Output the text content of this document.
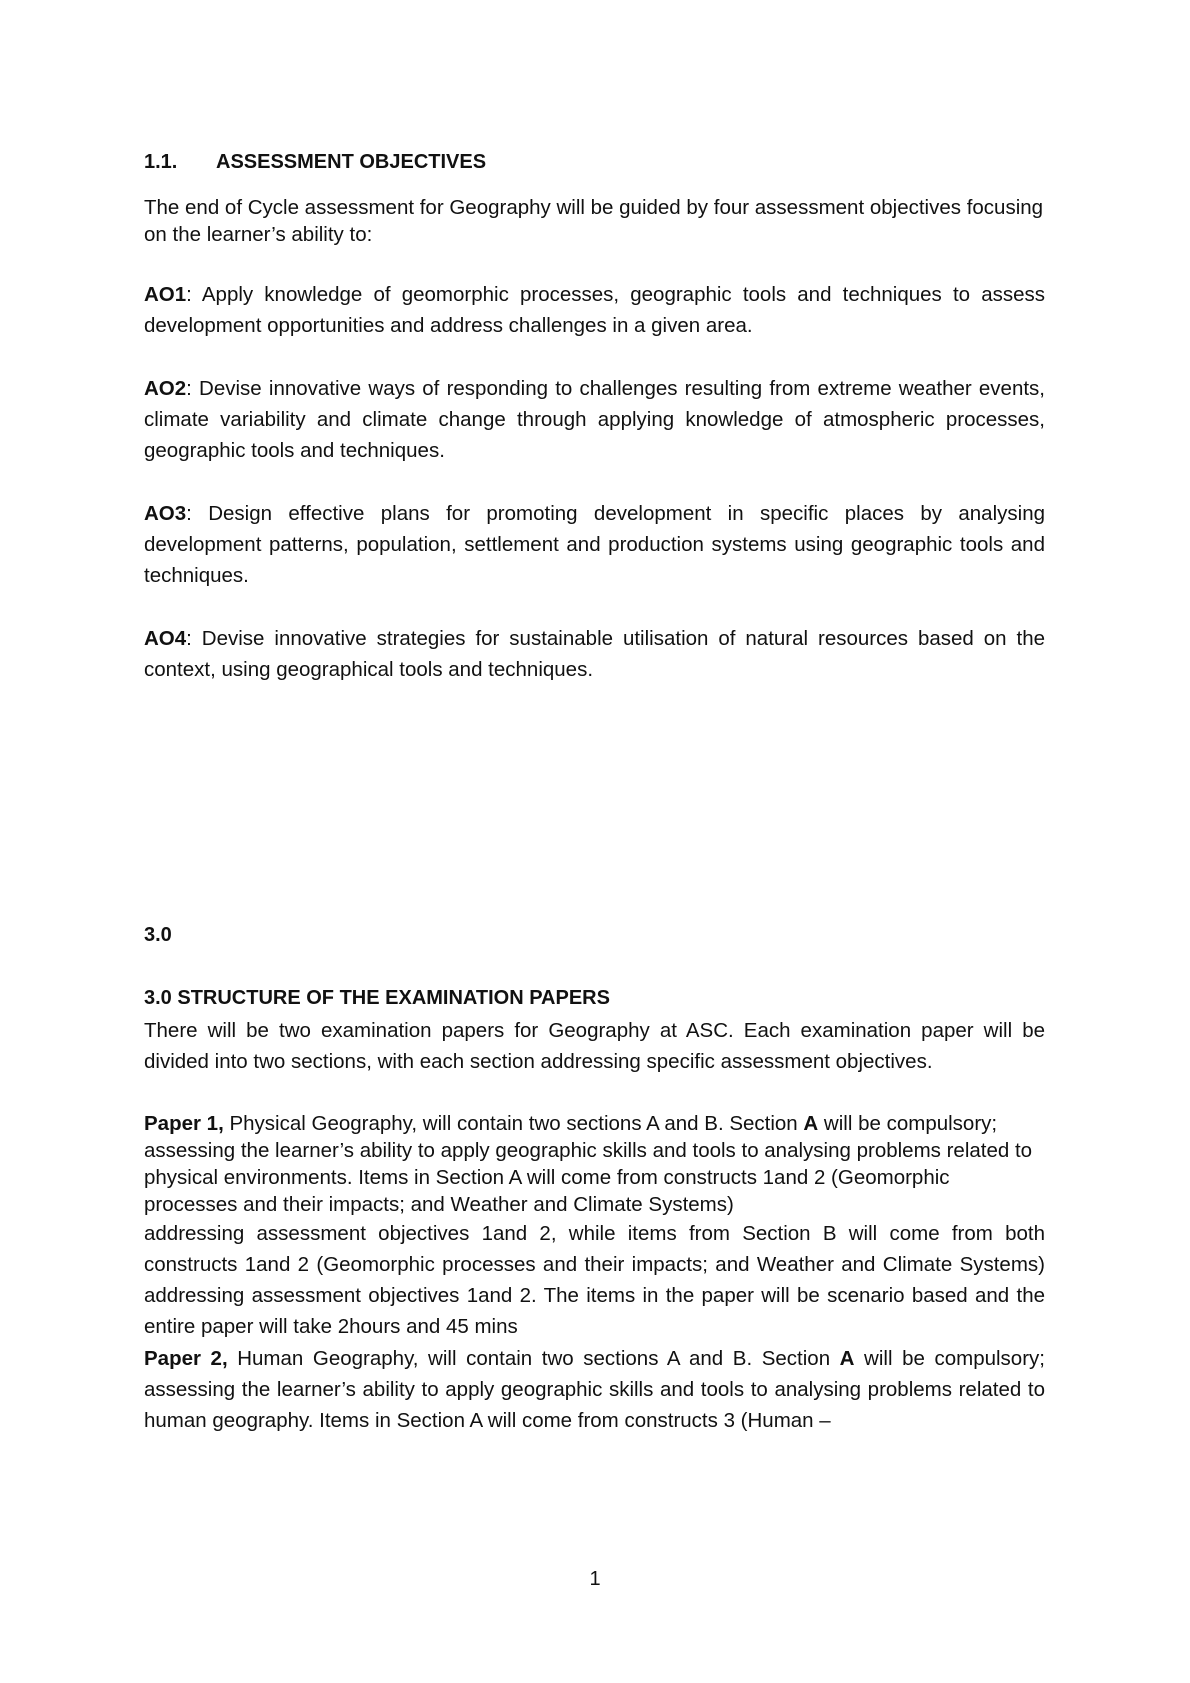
1.1. ASSESSMENT OBJECTIVES

The end of Cycle assessment for Geography will be guided by four assessment objectives focusing on the learner’s ability to:

AO1: Apply knowledge of geomorphic processes, geographic tools and techniques to assess development opportunities and address challenges in a given area.

AO2: Devise innovative ways of responding to challenges resulting from extreme weather events, climate variability and climate change through applying knowledge of atmospheric processes, geographic tools and techniques.

AO3: Design effective plans for promoting development in specific places by analysing development patterns, population, settlement and production systems using geographic tools and techniques.

AO4: Devise innovative strategies for sustainable utilisation of natural resources based on the context, using geographical tools and techniques.

3.0

3.0 STRUCTURE OF THE EXAMINATION PAPERS

There will be two examination papers for Geography at ASC. Each examination paper will be divided into two sections, with each section addressing specific assessment objectives.

Paper 1, Physical Geography, will contain two sections A and B. Section A will be compulsory; assessing the learner’s ability to apply geographic skills and tools to analysing problems related to physical environments. Items in Section A will come from constructs 1and 2 (Geomorphic processes and their impacts; and Weather and Climate Systems)

addressing assessment objectives 1and 2, while items from Section B will come from both constructs 1and 2 (Geomorphic processes and their impacts; and Weather and Climate Systems) addressing assessment objectives 1and 2. The items in the paper will be scenario based and the entire paper will take 2hours and 45 mins

Paper 2, Human Geography, will contain two sections A and B. Section A will be compulsory; assessing the learner’s ability to apply geographic skills and tools to analysing problems related to human geography. Items in Section A will come from constructs 3 (Human –

1
